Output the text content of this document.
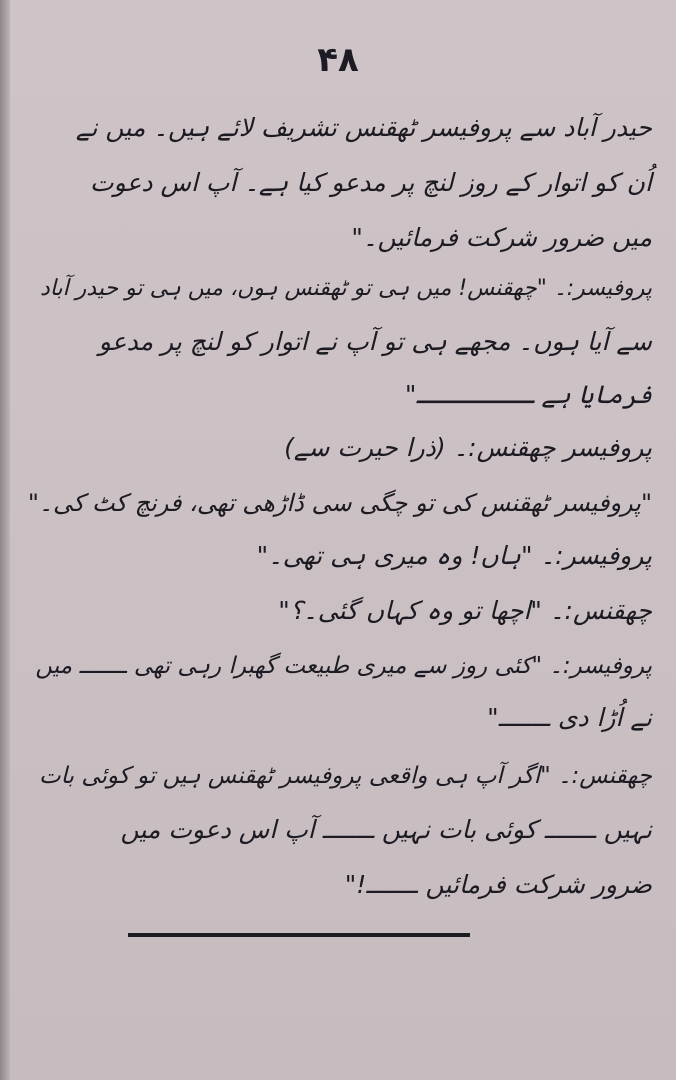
۴۸
حیدر آباد سے پروفیسر ٹھقنس تشریف لائے ہیں۔ میں نے
اُن کو اتوار کے روز لنچ پر مدعو کیا ہے۔ آپ اس دعوت
میں ضرور شرکت فرمائیں۔"
پروفیسر:۔ "چھقنس! میں ہی تو ٹھقنس ہوں، میں ہی تو حیدر آباد
سے آیا ہوں۔ مجھے ہی تو آپ نے اتوار کو لنچ پر مدعو
فرمایا ہے ــــــــ"
پروفیسر چھقنس:۔ (ذرا حیرت سے)
"پروفیسر ٹھقنس کی تو چگی سی ڈاڑھی تھی، فرنچ کٹ کی۔"
پروفیسر:۔ "ہاں! وہ میری ہی تھی۔"
چھقنس:۔ "اچھا تو وہ کہاں گئی۔؟"
پروفیسر:۔ "کئی روز سے میری طبیعت گھبرا رہی تھی ـــــــ میں
نے اُڑا دی ـــــــ"
چھقنس:۔ "اگر آپ ہی واقعی پروفیسر ٹھقنس ہیں تو کوئی بات
نہیں ـــــــ کوئی بات نہیں ـــــــ آپ اس دعوت میں
ضرور شرکت فرمائیں ـــــــ!"
